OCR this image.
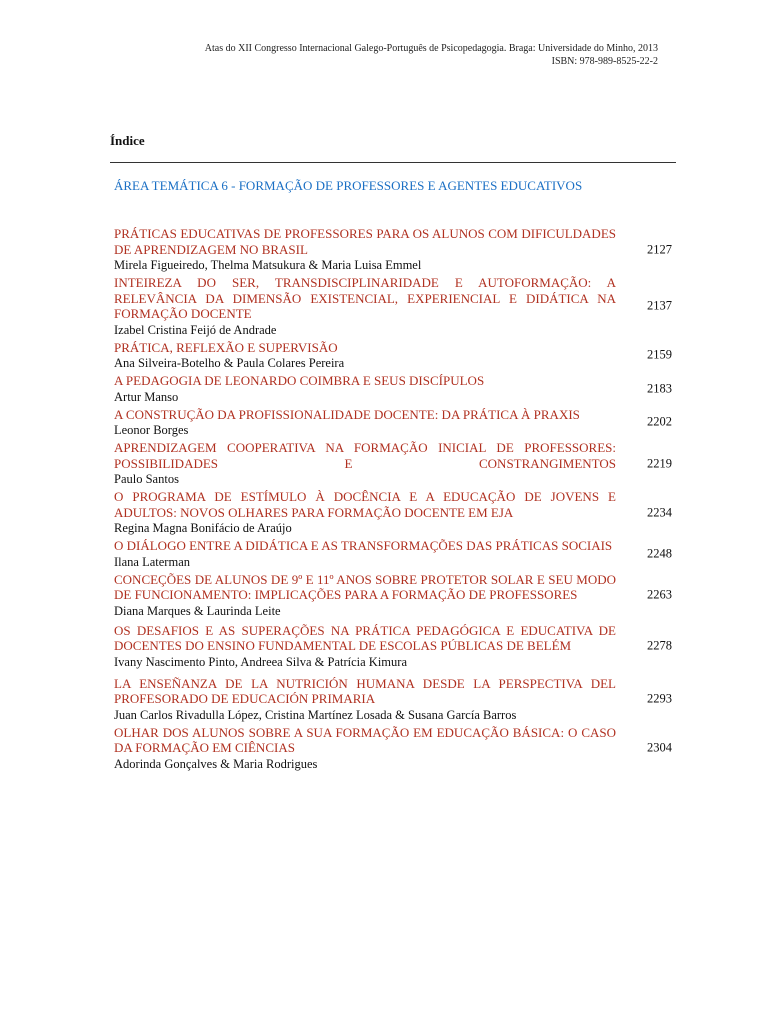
Atas do XII Congresso Internacional Galego-Português de Psicopedagogia. Braga: Universidade do Minho, 2013
ISBN: 978-989-8525-22-2
Índice
ÁREA TEMÁTICA 6 - FORMAÇÃO DE PROFESSORES E AGENTES EDUCATIVOS
PRÁTICAS EDUCATIVAS DE PROFESSORES PARA OS ALUNOS COM DIFICULDADES DE APRENDIZAGEM NO BRASIL
Mirela Figueiredo, Thelma Matsukura & Maria Luisa Emmel
2127
INTEIREZA DO SER, TRANSDISCIPLINARIDADE E AUTOFORMAÇÃO: A RELEVÂNCIA DA DIMENSÃO EXISTENCIAL, EXPERIENCIAL E DIDÁTICA NA FORMAÇÃO DOCENTE
Izabel Cristina Feijó de Andrade
2137
PRÁTICA, REFLEXÃO E SUPERVISÃO
Ana Silveira-Botelho & Paula Colares Pereira
2159
A PEDAGOGIA DE LEONARDO COIMBRA E SEUS DISCÍPULOS
Artur Manso
2183
A CONSTRUÇÃO DA PROFISSIONALIDADE DOCENTE: DA PRÁTICA À PRAXIS
Leonor Borges
2202
APRENDIZAGEM COOPERATIVA NA FORMAÇÃO INICIAL DE PROFESSORES: POSSIBILIDADES E CONSTRANGIMENTOS
Paulo Santos
2219
O PROGRAMA DE ESTÍMULO À DOCÊNCIA E A EDUCAÇÃO DE JOVENS E ADULTOS: NOVOS OLHARES PARA FORMAÇÃO DOCENTE EM EJA
Regina Magna Bonifácio de Araújo
2234
O DIÁLOGO ENTRE A DIDÁTICA E AS TRANSFORMAÇÕES DAS PRÁTICAS SOCIAIS
Ilana Laterman
2248
CONCEÇÕES DE ALUNOS DE 9º E 11º ANOS SOBRE PROTETOR SOLAR E SEU MODO DE FUNCIONAMENTO: IMPLICAÇÕES PARA A FORMAÇÃO DE PROFESSORES
Diana Marques & Laurinda Leite
2263
OS DESAFIOS E AS SUPERAÇÕES NA PRÁTICA PEDAGÓGICA E EDUCATIVA DE DOCENTES DO ENSINO FUNDAMENTAL DE ESCOLAS PÚBLICAS DE BELÉM
Ivany Nascimento Pinto, Andreea Silva & Patrícia Kimura
2278
LA ENSEÑANZA DE LA NUTRICIÓN HUMANA DESDE LA PERSPECTIVA DEL PROFESORADO DE EDUCACIÓN PRIMARIA
Juan Carlos Rivadulla López, Cristina Martínez Losada & Susana García Barros
2293
OLHAR DOS ALUNOS SOBRE A SUA FORMAÇÃO EM EDUCAÇÃO BÁSICA: O CASO DA FORMAÇÃO EM CIÊNCIAS
Adorinda Gonçalves & Maria Rodrigues
2304
